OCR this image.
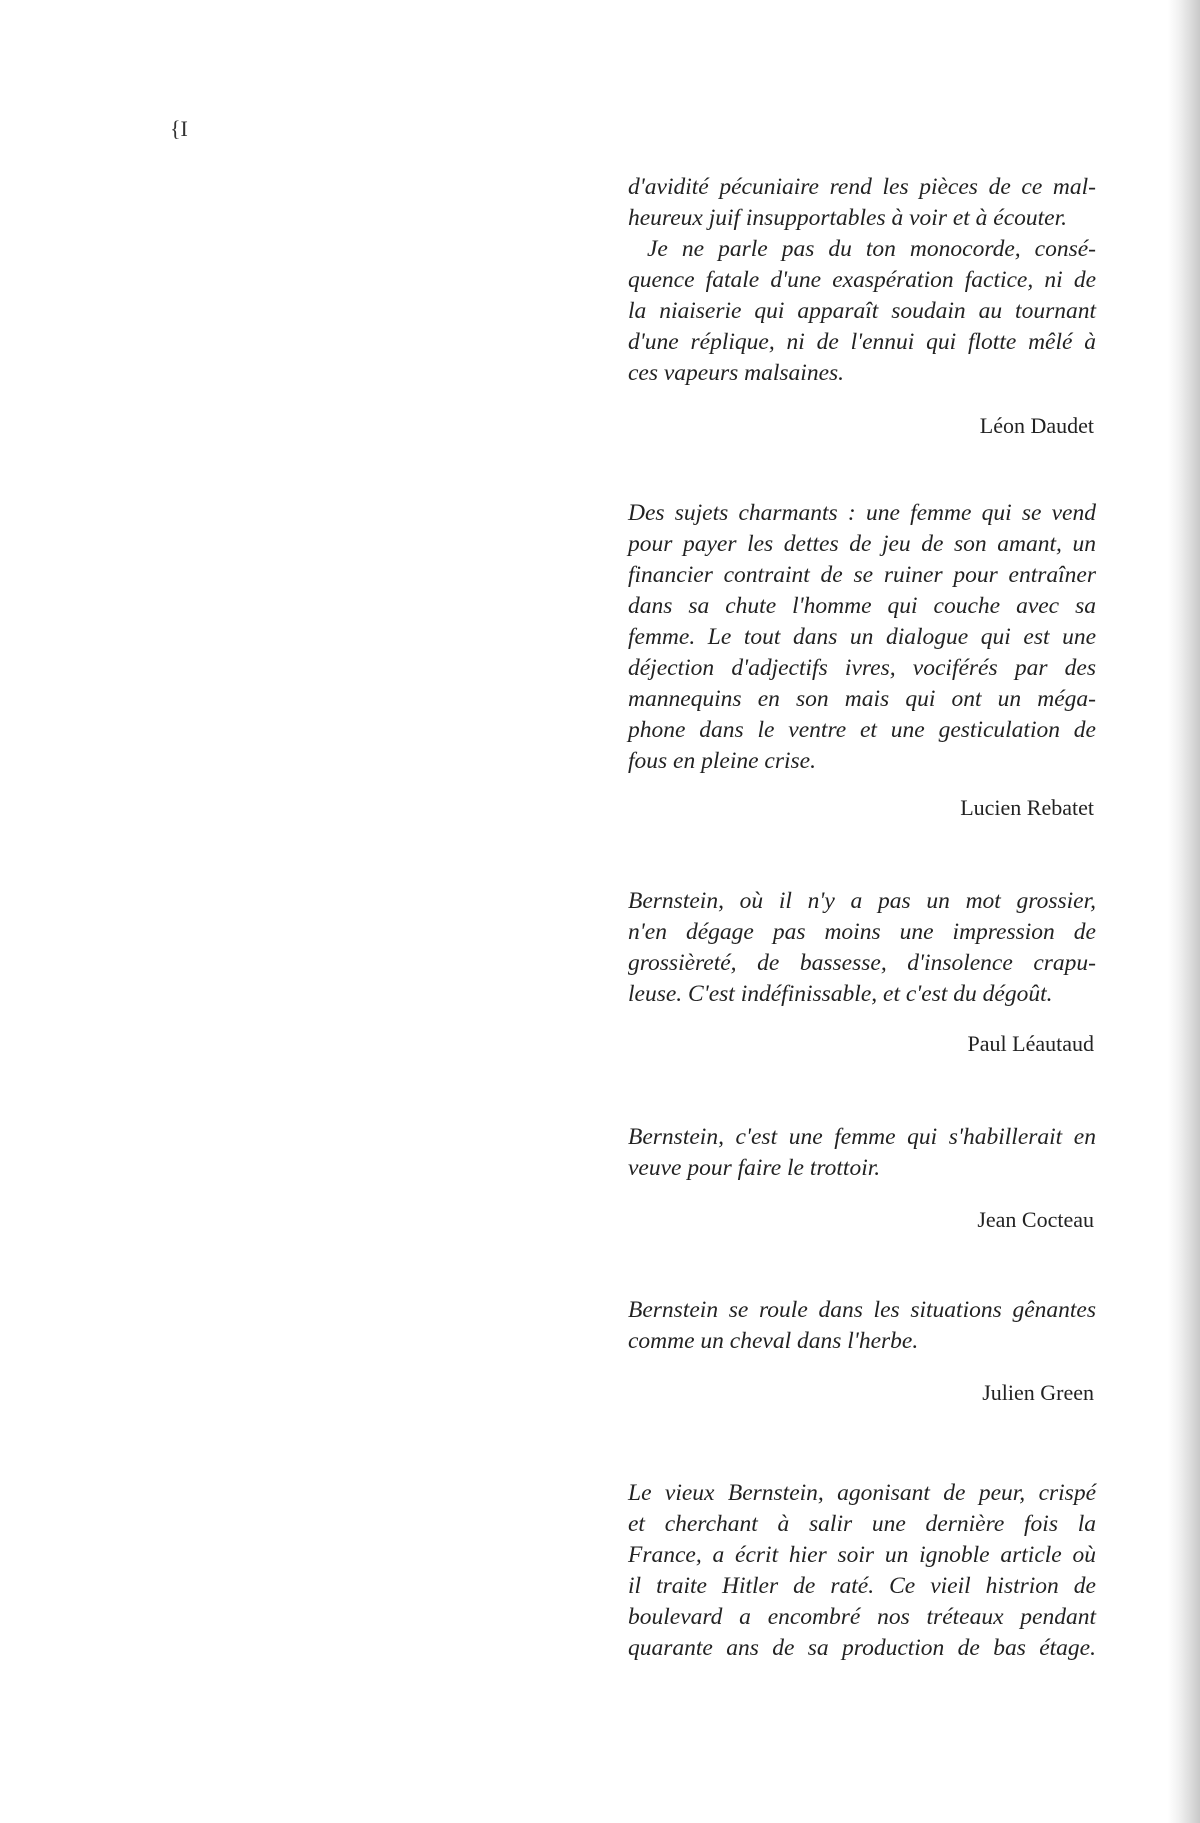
{I
d'avidité pécuniaire rend les pièces de ce mal-
heureux juif insupportables à voir et à écouter.
Je ne parle pas du ton monocorde, consé-
quence fatale d'une exaspération factice, ni de
la niaiserie qui apparaît soudain au tournant
d'une réplique, ni de l'ennui qui flotte mêlé à
ces vapeurs malsaines.
Léon Daudet
Des sujets charmants : une femme qui se vend
pour payer les dettes de jeu de son amant, un
financier contraint de se ruiner pour entraîner
dans sa chute l'homme qui couche avec sa
femme. Le tout dans un dialogue qui est une
déjection d'adjectifs ivres, vociférés par des
mannequins en son mais qui ont un méga-
phone dans le ventre et une gesticulation de
fous en pleine crise.
Lucien Rebatet
Bernstein, où il n'y a pas un mot grossier,
n'en dégage pas moins une impression de
grossièreté, de bassesse, d'insolence crapu-
leuse. C'est indéfinissable, et c'est du dégoût.
Paul Léautaud
Bernstein, c'est une femme qui s'habillerait en
veuve pour faire le trottoir.
Jean Cocteau
Bernstein se roule dans les situations gênantes
comme un cheval dans l'herbe.
Julien Green
Le vieux Bernstein, agonisant de peur, crispé
et cherchant à salir une dernière fois la
France, a écrit hier soir un ignoble article où
il traite Hitler de raté. Ce vieil histrion de
boulevard a encombré nos tréteaux pendant
quarante ans de sa production de bas étage.
